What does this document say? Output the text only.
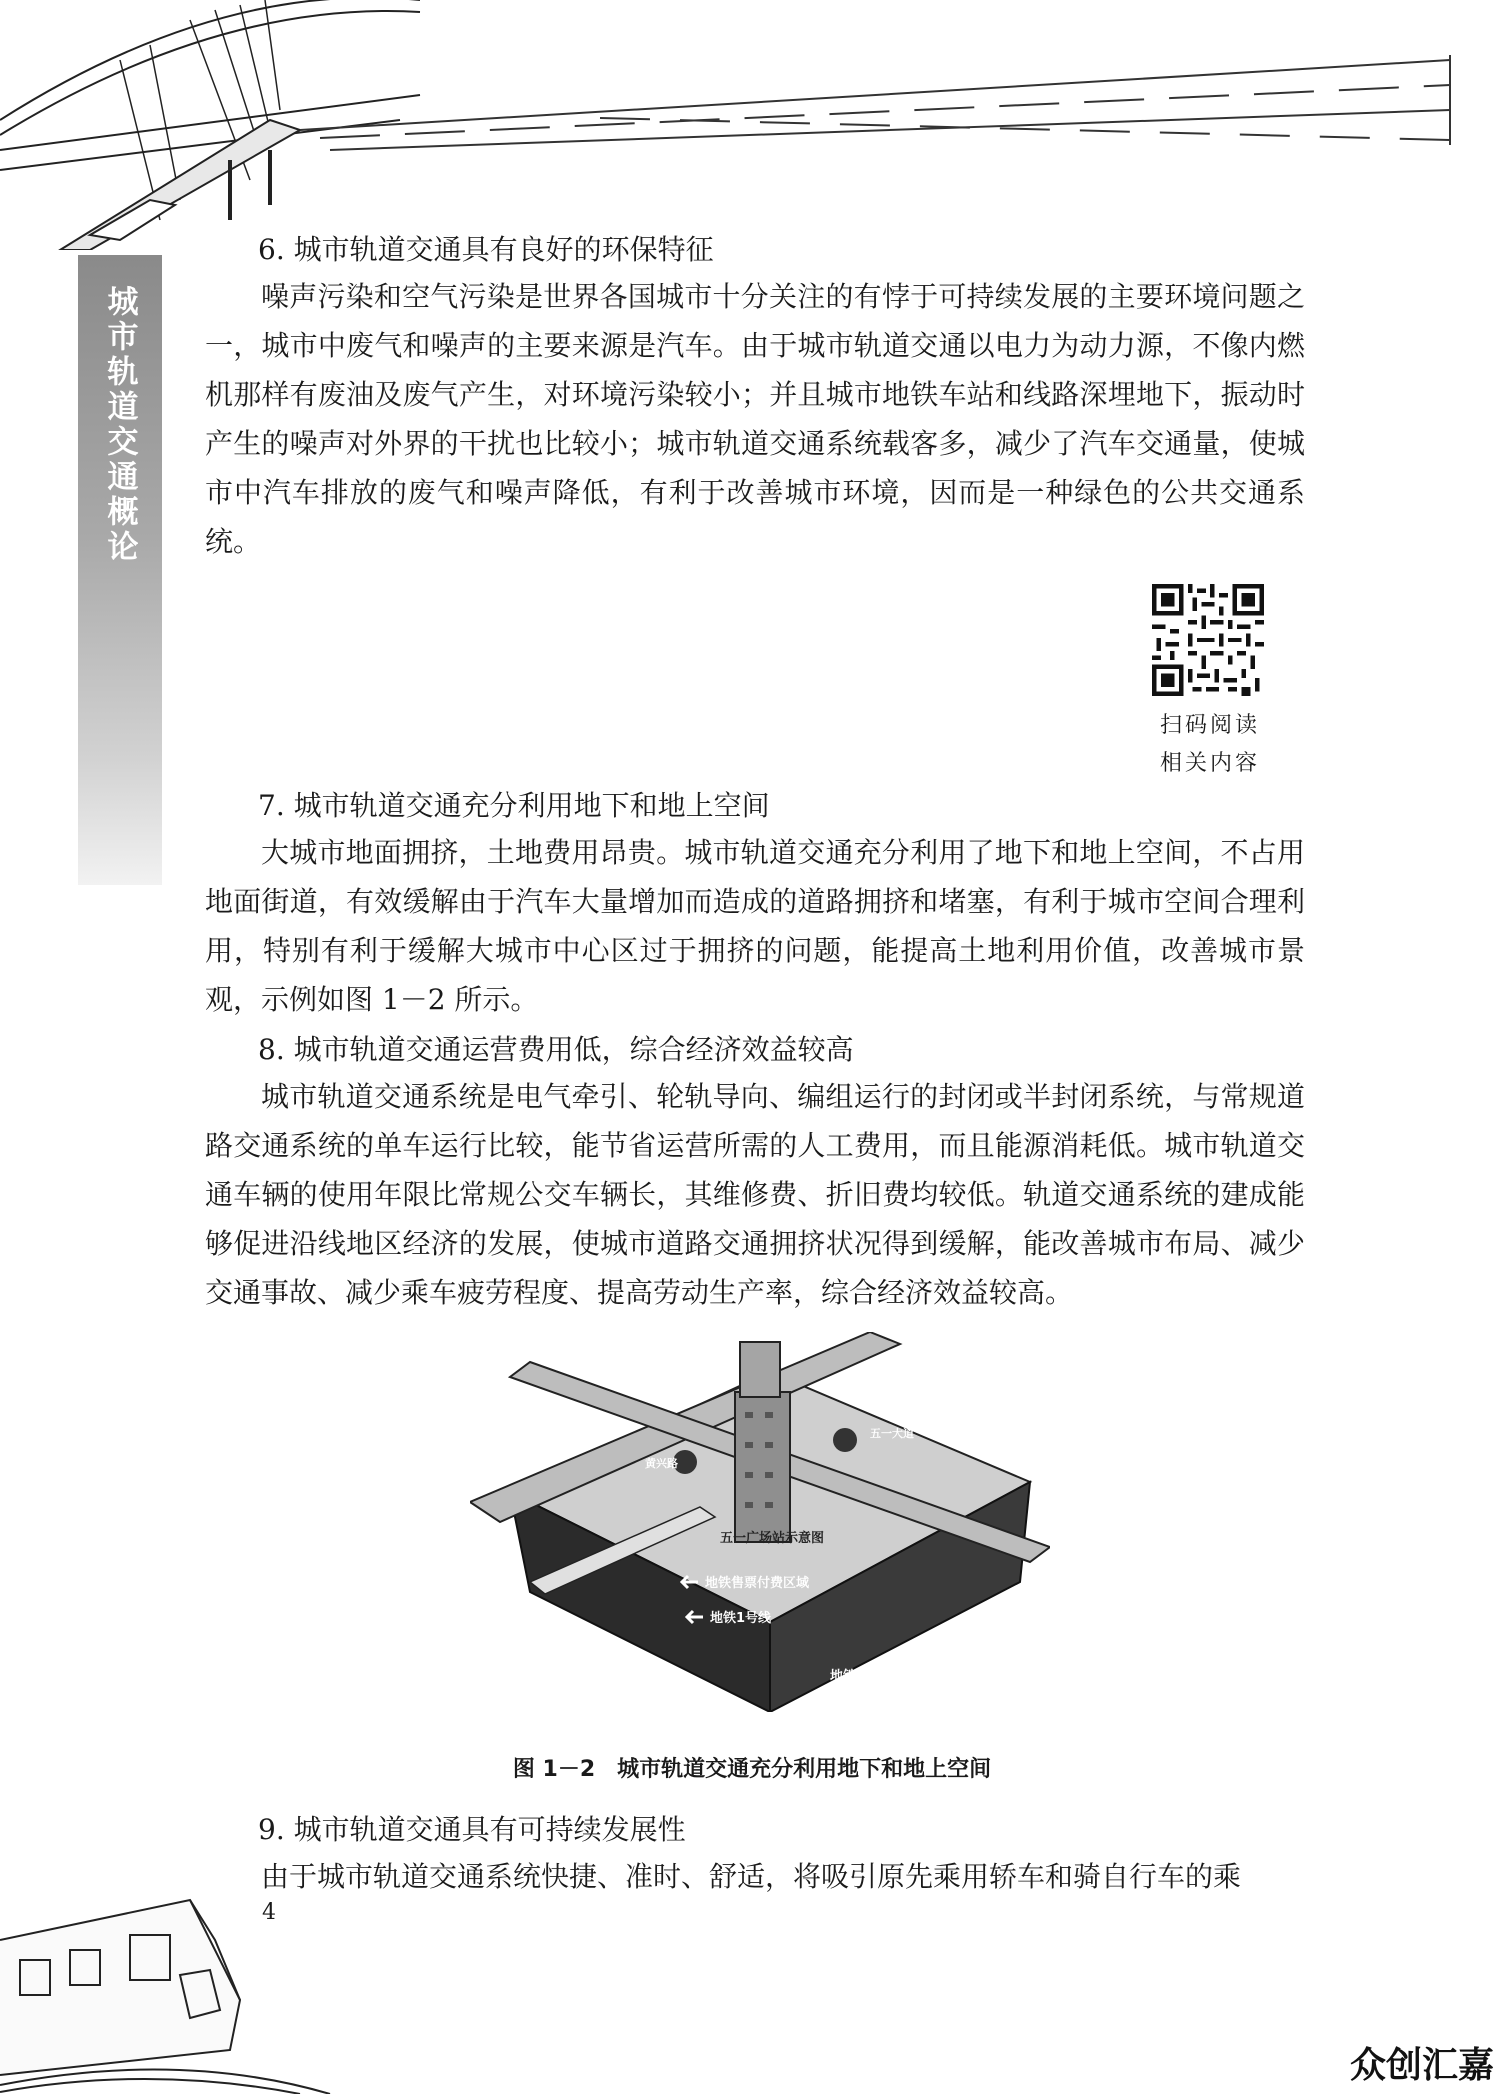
城市轨道交通概论
6. 城市轨道交通具有良好的环保特征

噪声污染和空气污染是世界各国城市十分关注的有悖于可持续发展的主要环境问题之一，城市中废气和噪声的主要来源是汽车。由于城市轨道交通以电力为动力源，不像内燃机那样有废油及废气产生，对环境污染较小；并且城市地铁车站和线路深埋地下，振动时产生的噪声对外界的干扰也比较小；城市轨道交通系统载客多，减少了汽车交通量，使城市中汽车排放的废气和噪声降低，有利于改善城市环境，因而是一种绿色的公共交通系统。

扫码阅读
相关内容
7. 城市轨道交通充分利用地下和地上空间

大城市地面拥挤，土地费用昂贵。城市轨道交通充分利用了地下和地上空间，不占用地面街道，有效缓解由于汽车大量增加而造成的道路拥挤和堵塞，有利于城市空间合理利用，特别有利于缓解大城市中心区过于拥挤的问题，能提高土地利用价值，改善城市景观，示例如图 1－2 所示。

8. 城市轨道交通运营费用低，综合经济效益较高

城市轨道交通系统是电气牵引、轮轨导向、编组运行的封闭或半封闭系统，与常规道路交通系统的单车运行比较，能节省运营所需的人工费用，而且能源消耗低。城市轨道交通车辆的使用年限比常规公交车辆长，其维修费、折旧费均较低。轨道交通系统的建成能够促进沿线地区经济的发展，使城市道路交通拥挤状况得到缓解，能改善城市布局、减少交通事故、减少乘车疲劳程度、提高劳动生产率，综合经济效益较高。

黄兴路
五一大道
五一广场站示意图
地铁售票付费区域
地铁1号线
地铁2号线
图 1－2　城市轨道交通充分利用地下和地上空间
9. 城市轨道交通具有可持续发展性

由于城市轨道交通系统快捷、准时、舒适，将吸引原先乘用轿车和骑自行车的乘

4
众创汇嘉
